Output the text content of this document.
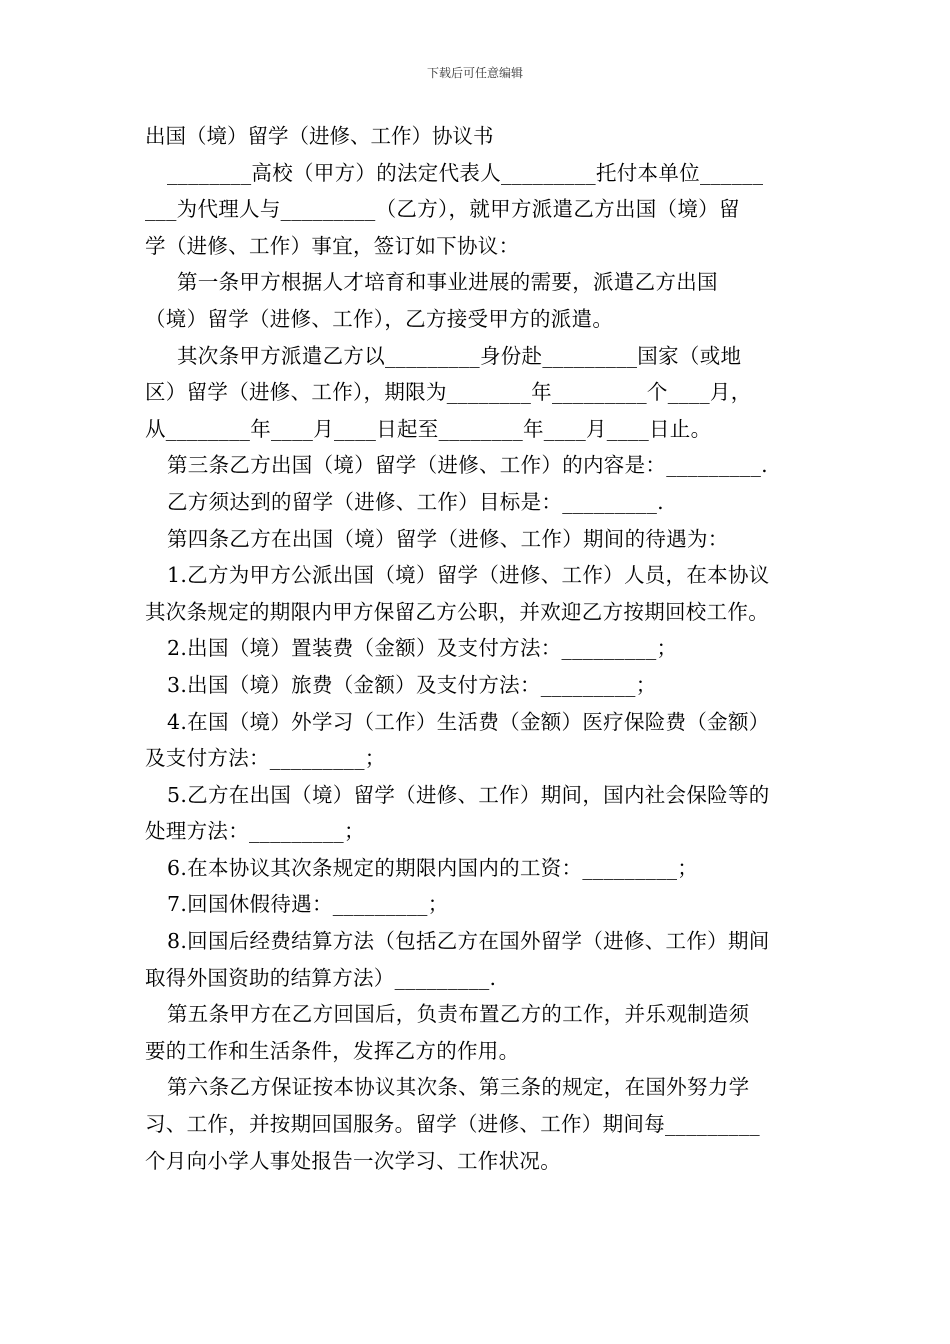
下载后可任意编辑
出国（境）留学（进修、工作）协议书
________高校（甲方）的法定代表人_________托付本单位______
___为代理人与_________（乙方），就甲方派遣乙方出国（境）留
学（进修、工作）事宜，签订如下协议：
第一条甲方根据人才培育和事业进展的需要，派遣乙方出国
（境）留学（进修、工作），乙方接受甲方的派遣。
其次条甲方派遣乙方以_________身份赴_________国家（或地
区）留学（进修、工作），期限为________年_________个____月，
从________年____月____日起至________年____月____日止。
第三条乙方出国（境）留学（进修、工作）的内容是：_________.
乙方须达到的留学（进修、工作）目标是：_________.
第四条乙方在出国（境）留学（进修、工作）期间的待遇为：
1.乙方为甲方公派出国（境）留学（进修、工作）人员，在本协议
其次条规定的期限内甲方保留乙方公职，并欢迎乙方按期回校工作。
2.出国（境）置装费（金额）及支付方法：_________；
3.出国（境）旅费（金额）及支付方法：_________；
4.在国（境）外学习（工作）生活费（金额）医疗保险费（金额）
及支付方法：_________；
5.乙方在出国（境）留学（进修、工作）期间，国内社会保险等的
处理方法：_________；
6.在本协议其次条规定的期限内国内的工资：_________；
7.回国休假待遇：_________；
8.回国后经费结算方法（包括乙方在国外留学（进修、工作）期间
取得外国资助的结算方法）_________.
第五条甲方在乙方回国后，负责布置乙方的工作，并乐观制造须
要的工作和生活条件，发挥乙方的作用。
第六条乙方保证按本协议其次条、第三条的规定，在国外努力学
习、工作，并按期回国服务。留学（进修、工作）期间每_________
个月向小学人事处报告一次学习、工作状况。
